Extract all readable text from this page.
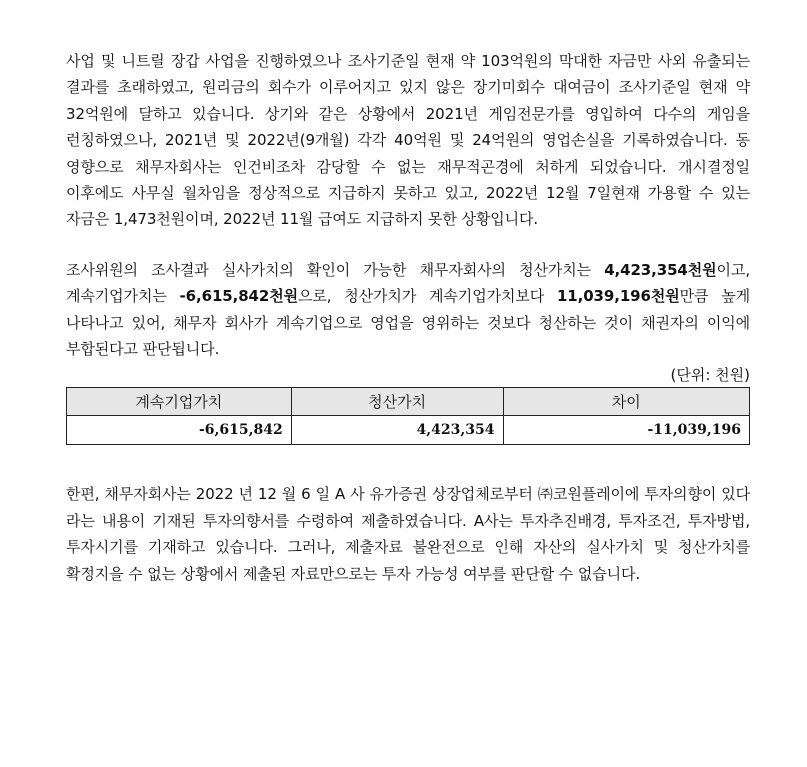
사업 및 니트릴 장갑 사업을 진행하였으나 조사기준일 현재 약 103억원의 막대한 자금만 사외 유출되는 결과를 초래하였고, 원리금의 회수가 이루어지고 있지 않은 장기미회수 대여금이 조사기준일 현재 약 32억원에 달하고 있습니다. 상기와 같은 상황에서 2021년 게임전문가를 영입하여 다수의 게임을 런칭하였으나, 2021년 및 2022년(9개월) 각각 40억원 및 24억원의 영업손실을 기록하였습니다. 동 영향으로 채무자회사는 인건비조차 감당할 수 없는 재무적곤경에 처하게 되었습니다. 개시결정일 이후에도 사무실 월차임을 정상적으로 지급하지 못하고 있고, 2022년 12월 7일현재 가용할 수 있는 자금은 1,473천원이며, 2022년 11월 급여도 지급하지 못한 상황입니다.

조사위원의 조사결과 실사가치의 확인이 가능한 채무자회사의 청산가치는 4,423,354천원이고, 계속기업가치는 -6,615,842천원으로, 청산가치가 계속기업가치보다 11,039,196천원만큼 높게 나타나고 있어, 채무자 회사가 계속기업으로 영업을 영위하는 것보다 청산하는 것이 채권자의 이익에 부합된다고 판단됩니다.

(단위: 천원)
계속기업가치	청산가치	차이
-6,615,842	4,423,354	-11,039,196

한편, 채무자회사는 2022 년 12 월 6 일 A 사 유가증권 상장업체로부터 ㈜코원플레이에 투자의향이 있다 라는 내용이 기재된 투자의향서를 수령하여 제출하였습니다. A사는 투자추진배경, 투자조건, 투자방법, 투자시기를 기재하고 있습니다. 그러나, 제출자료 불완전으로 인해 자산의 실사가치 및 청산가치를 확정지을 수 없는 상황에서 제출된 자료만으로는 투자 가능성 여부를 판단할 수 없습니다.
